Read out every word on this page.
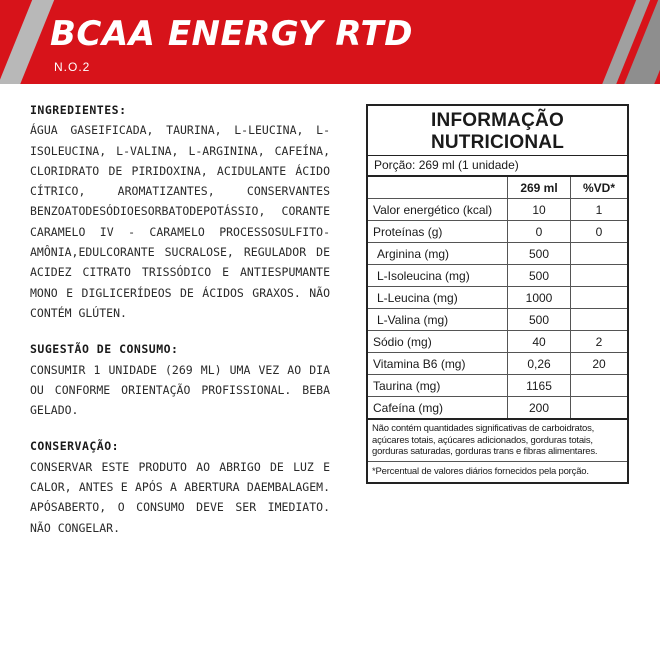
BCAA ENERGY RTD
N.O.2
INGREDIENTES:

ÁGUA GASEIFICADA, TAURINA, L-LEUCINA, L-ISOLEUCINA, L-VALINA, L-ARGININA, CAFEÍNA, CLORIDRATO DE PIRIDOXINA, ACIDULANTE ÁCIDO CÍTRICO, AROMATIZANTES, CONSERVANTES BENZOATODESÓDIOESORBATODEPOTÁSSIO, CORANTE CARAMELO IV - CARAMELO PROCESSOSULFITO-AMÔNIA,EDULCORANTE SUCRALOSE, REGULADOR DE ACIDEZ CITRATO TRISSÓDICO E ANTIESPUMANTE MONO E DIGLICERÍDEOS DE ÁCIDOS GRAXOS. NÃO CONTÉM GLÚTEN.

SUGESTÃO DE CONSUMO:

CONSUMIR 1 UNIDADE (269 ML) UMA VEZ AO DIA OU CONFORME ORIENTAÇÃO PROFISSIONAL. BEBA GELADO.

CONSERVAÇÃO:

CONSERVAR ESTE PRODUTO AO ABRIGO DE LUZ E CALOR, ANTES E APÓS A ABERTURA DAEMBALAGEM. APÓSABERTO, O CONSUMO DEVE SER IMEDIATO. NÃO CONGELAR.

INFORMAÇÃO NUTRICIONAL
Porção: 269 ml (1 unidade)
	269 ml	%VD*
Valor energético (kcal)	10	1
Proteínas (g)	0	0
Arginina (mg)	500	
L-Isoleucina (mg)	500	
L-Leucina (mg)	1000	
L-Valina (mg)	500	
Sódio (mg)	40	2
Vitamina B6 (mg)	0,26	20
Taurina (mg)	1165	
Cafeína (mg)	200	
Não contém quantidades significativas de carboidratos, açúcares totais, açúcares adicionados, gorduras totais, gorduras saturadas, gorduras trans e fibras alimentares.
*Percentual de valores diários fornecidos pela porção.
